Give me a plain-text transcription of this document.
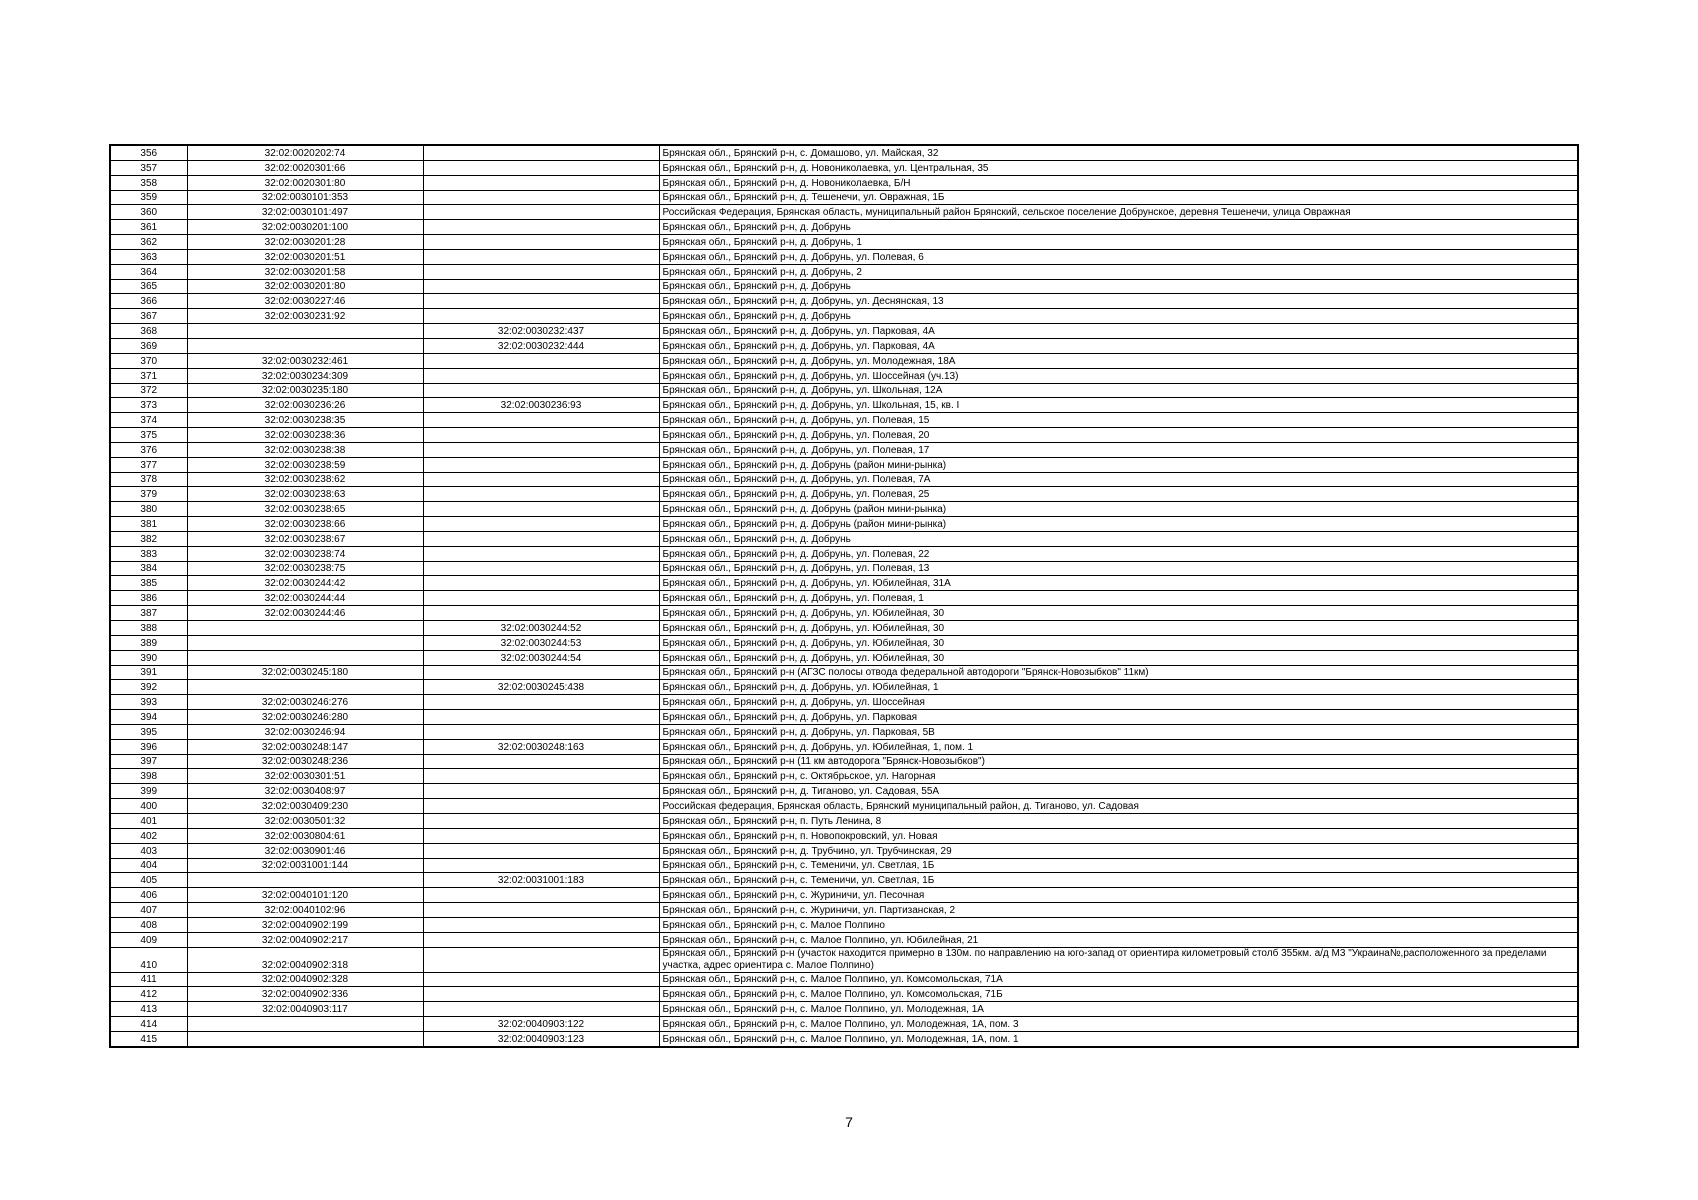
356	32:02:0020202:74		Брянская обл., Брянский р-н, с. Домашово, ул. Майская, 32
357	32:02:0020301:66		Брянская обл., Брянский р-н, д. Новониколаевка, ул. Центральная, 35
358	32:02:0020301:80		Брянская обл., Брянский р-н, д. Новониколаевка, Б/Н
359	32:02:0030101:353		Брянская обл., Брянский р-н, д. Тешенечи, ул. Овражная, 1Б
360	32:02:0030101:497		Российская Федерация, Брянская область, муниципальный район Брянский, сельское поселение Добрунское, деревня Тешенечи, улица Овражная
361	32:02:0030201:100		Брянская обл., Брянский р-н, д. Добрунь
362	32:02:0030201:28		Брянская обл., Брянский р-н, д. Добрунь, 1
363	32:02:0030201:51		Брянская обл., Брянский р-н, д. Добрунь, ул. Полевая, 6
364	32:02:0030201:58		Брянская обл., Брянский р-н, д. Добрунь, 2
365	32:02:0030201:80		Брянская обл., Брянский р-н, д. Добрунь
366	32:02:0030227:46		Брянская обл., Брянский р-н, д. Добрунь, ул. Деснянская, 13
367	32:02:0030231:92		Брянская обл., Брянский р-н, д. Добрунь
368		32:02:0030232:437	Брянская обл., Брянский р-н, д. Добрунь, ул. Парковая, 4А
369		32:02:0030232:444	Брянская обл., Брянский р-н, д. Добрунь, ул. Парковая, 4А
370	32:02:0030232:461		Брянская обл., Брянский р-н, д. Добрунь, ул. Молодежная, 18А
371	32:02:0030234:309		Брянская обл., Брянский р-н, д. Добрунь, ул. Шоссейная (уч.13)
372	32:02:0030235:180		Брянская обл., Брянский р-н, д. Добрунь, ул. Школьная, 12А
373	32:02:0030236:26	32:02:0030236:93	Брянская обл., Брянский р-н, д. Добрунь, ул. Школьная, 15, кв. I
374	32:02:0030238:35		Брянская обл., Брянский р-н, д. Добрунь, ул. Полевая, 15
375	32:02:0030238:36		Брянская обл., Брянский р-н, д. Добрунь, ул. Полевая, 20
376	32:02:0030238:38		Брянская обл., Брянский р-н, д. Добрунь, ул. Полевая, 17
377	32:02:0030238:59		Брянская обл., Брянский р-н, д. Добрунь (район мини-рынка)
378	32:02:0030238:62		Брянская обл., Брянский р-н, д. Добрунь, ул. Полевая, 7А
379	32:02:0030238:63		Брянская обл., Брянский р-н, д. Добрунь, ул. Полевая, 25
380	32:02:0030238:65		Брянская обл., Брянский р-н, д. Добрунь (район мини-рынка)
381	32:02:0030238:66		Брянская обл., Брянский р-н, д. Добрунь (район мини-рынка)
382	32:02:0030238:67		Брянская обл., Брянский р-н, д. Добрунь
383	32:02:0030238:74		Брянская обл., Брянский р-н, д. Добрунь, ул. Полевая, 22
384	32:02:0030238:75		Брянская обл., Брянский р-н, д. Добрунь, ул. Полевая, 13
385	32:02:0030244:42		Брянская обл., Брянский р-н, д. Добрунь, ул. Юбилейная, 31А
386	32:02:0030244:44		Брянская обл., Брянский р-н, д. Добрунь, ул. Полевая, 1
387	32:02:0030244:46		Брянская обл., Брянский р-н, д. Добрунь, ул. Юбилейная, 30
388		32:02:0030244:52	Брянская обл., Брянский р-н, д. Добрунь, ул. Юбилейная, 30
389		32:02:0030244:53	Брянская обл., Брянский р-н, д. Добрунь, ул. Юбилейная, 30
390		32:02:0030244:54	Брянская обл., Брянский р-н, д. Добрунь, ул. Юбилейная, 30
391	32:02:0030245:180		Брянская обл., Брянский р-н (АГЗС полосы отвода федеральной автодороги "Брянск-Новозыбков" 11км)
392		32:02:0030245:438	Брянская обл., Брянский р-н, д. Добрунь, ул. Юбилейная, 1
393	32:02:0030246:276		Брянская обл., Брянский р-н, д. Добрунь, ул. Шоссейная
394	32:02:0030246:280		Брянская обл., Брянский р-н, д. Добрунь, ул. Парковая
395	32:02:0030246:94		Брянская обл., Брянский р-н, д. Добрунь, ул. Парковая, 5В
396	32:02:0030248:147	32:02:0030248:163	Брянская обл., Брянский р-н, д. Добрунь, ул. Юбилейная, 1, пом. 1
397	32:02:0030248:236		Брянская обл., Брянский р-н (11 км автодорога "Брянск-Новозыбков")
398	32:02:0030301:51		Брянская обл., Брянский р-н, с. Октябрьское, ул. Нагорная
399	32:02:0030408:97		Брянская обл., Брянский р-н, д. Тиганово, ул. Садовая, 55А
400	32:02:0030409:230		Российская федерация, Брянская область, Брянский муниципальный район, д. Тиганово, ул. Садовая
401	32:02:0030501:32		Брянская обл., Брянский р-н, п. Путь Ленина, 8
402	32:02:0030804:61		Брянская обл., Брянский р-н, п. Новопокровский, ул. Новая
403	32:02:0030901:46		Брянская обл., Брянский р-н, д. Трубчино, ул. Трубчинская, 29
404	32:02:0031001:144		Брянская обл., Брянский р-н, с. Теменичи, ул. Светлая, 1Б
405		32:02:0031001:183	Брянская обл., Брянский р-н, с. Теменичи, ул. Светлая, 1Б
406	32:02:0040101:120		Брянская обл., Брянский р-н, с. Журиничи, ул. Песочная
407	32:02:0040102:96		Брянская обл., Брянский р-н, с. Журиничи, ул. Партизанская, 2
408	32:02:0040902:199		Брянская обл., Брянский р-н, с. Малое Полпино
409	32:02:0040902:217		Брянская обл., Брянский р-н, с. Малое Полпино, ул. Юбилейная, 21
410	32:02:0040902:318		Брянская обл., Брянский р-н (участок находится примерно в 130м. по направлению на юго-запад от ориентира километровый столб 355км. а/д М3 "Украина№,расположенного за пределами участка, адрес ориентира с. Малое Полпино)
411	32:02:0040902:328		Брянская обл., Брянский р-н, с. Малое Полпино, ул. Комсомольская, 71А
412	32:02:0040902:336		Брянская обл., Брянский р-н, с. Малое Полпино, ул. Комсомольская, 71Б
413	32:02:0040903:117		Брянская обл., Брянский р-н, с. Малое Полпино, ул. Молодежная, 1А
414		32:02:0040903:122	Брянская обл., Брянский р-н, с. Малое Полпино, ул. Молодежная, 1А, пом. 3
415		32:02:0040903:123	Брянская обл., Брянский р-н, с. Малое Полпино, ул. Молодежная, 1А, пом. 1
7
